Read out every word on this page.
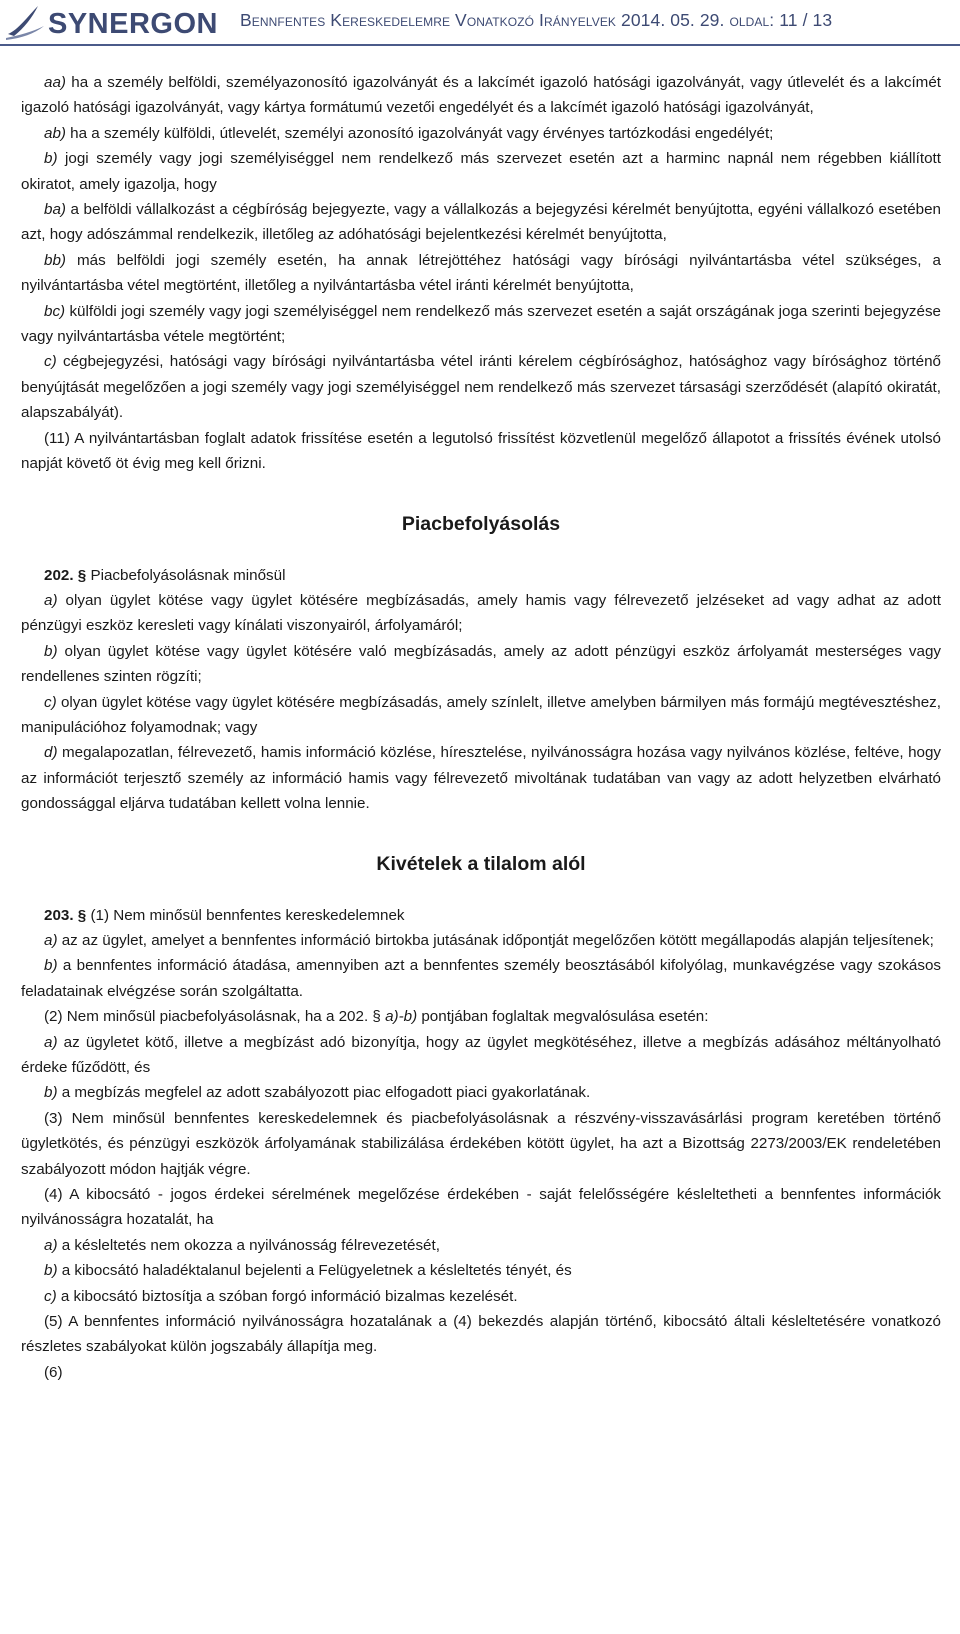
SYNERGON Bennfentes Kereskedelemre Vonatkozó Irányelvek 2014. 05. 29. oldal: 11 / 13

aa) ha a személy belföldi, személyazonosító igazolványát és a lakcímét igazoló hatósági igazolványát, vagy útlevelét és a lakcímét igazoló hatósági igazolványát, vagy kártya formátumú vezetői engedélyét és a lakcímét igazoló hatósági igazolványát,

ab) ha a személy külföldi, útlevelét, személyi azonosító igazolványát vagy érvényes tartózkodási engedélyét;

b) jogi személy vagy jogi személyiséggel nem rendelkező más szervezet esetén azt a harminc napnál nem régebben kiállított okiratot, amely igazolja, hogy

ba) a belföldi vállalkozást a cégbíróság bejegyezte, vagy a vállalkozás a bejegyzési kérelmét benyújtotta, egyéni vállalkozó esetében azt, hogy adószámmal rendelkezik, illetőleg az adóhatósági bejelentkezési kérelmét benyújtotta,

bb) más belföldi jogi személy esetén, ha annak létrejöttéhez hatósági vagy bírósági nyilvántartásba vétel szükséges, a nyilvántartásba vétel megtörtént, illetőleg a nyilvántartásba vétel iránti kérelmét benyújtotta,

bc) külföldi jogi személy vagy jogi személyiséggel nem rendelkező más szervezet esetén a saját országának joga szerinti bejegyzése vagy nyilvántartásba vétele megtörtént;

c) cégbejegyzési, hatósági vagy bírósági nyilvántartásba vétel iránti kérelem cégbírósághoz, hatósághoz vagy bírósághoz történő benyújtását megelőzően a jogi személy vagy jogi személyiséggel nem rendelkező más szervezet társasági szerződését (alapító okiratát, alapszabályát).

(11) A nyilvántartásban foglalt adatok frissítése esetén a legutolsó frissítést közvetlenül megelőző állapotot a frissítés évének utolsó napját követő öt évig meg kell őrizni.

Piacbefolyásolás

202. § Piacbefolyásolásnak minősül

a) olyan ügylet kötése vagy ügylet kötésére megbízásadás, amely hamis vagy félrevezető jelzéseket ad vagy adhat az adott pénzügyi eszköz keresleti vagy kínálati viszonyairól, árfolyamáról;

b) olyan ügylet kötése vagy ügylet kötésére való megbízásadás, amely az adott pénzügyi eszköz árfolyamát mesterséges vagy rendellenes szinten rögzíti;

c) olyan ügylet kötése vagy ügylet kötésére megbízásadás, amely színlelt, illetve amelyben bármilyen más formájú megtévesztéshez, manipulációhoz folyamodnak; vagy

d) megalapozatlan, félrevezető, hamis információ közlése, híresztelése, nyilvánosságra hozása vagy nyilvános közlése, feltéve, hogy az információt terjesztő személy az információ hamis vagy félrevezető mivoltának tudatában van vagy az adott helyzetben elvárható gondossággal eljárva tudatában kellett volna lennie.

Kivételek a tilalom alól

203. § (1) Nem minősül bennfentes kereskedelemnek

a) az az ügylet, amelyet a bennfentes információ birtokba jutásának időpontját megelőzően kötött megállapodás alapján teljesítenek;

b) a bennfentes információ átadása, amennyiben azt a bennfentes személy beosztásából kifolyólag, munkavégzése vagy szokásos feladatainak elvégzése során szolgáltatta.

(2) Nem minősül piacbefolyásolásnak, ha a 202. § a)-b) pontjában foglaltak megvalósulása esetén:

a) az ügyletet kötő, illetve a megbízást adó bizonyítja, hogy az ügylet megkötéséhez, illetve a megbízás adásához méltányolható érdeke fűződött, és

b) a megbízás megfelel az adott szabályozott piac elfogadott piaci gyakorlatának.

(3) Nem minősül bennfentes kereskedelemnek és piacbefolyásolásnak a részvény-visszavásárlási program keretében történő ügyletkötés, és pénzügyi eszközök árfolyamának stabilizálása érdekében kötött ügylet, ha azt a Bizottság 2273/2003/EK rendeletében szabályozott módon hajtják végre.

(4) A kibocsátó - jogos érdekei sérelmének megelőzése érdekében - saját felelősségére késleltetheti a bennfentes információk nyilvánosságra hozatalát, ha

a) a késleltetés nem okozza a nyilvánosság félrevezetését,

b) a kibocsátó haladéktalanul bejelenti a Felügyeletnek a késleltetés tényét, és

c) a kibocsátó biztosítja a szóban forgó információ bizalmas kezelését.

(5) A bennfentes információ nyilvánosságra hozatalának a (4) bekezdés alapján történő, kibocsátó általi késleltetésére vonatkozó részletes szabályokat külön jogszabály állapítja meg.

(6)
